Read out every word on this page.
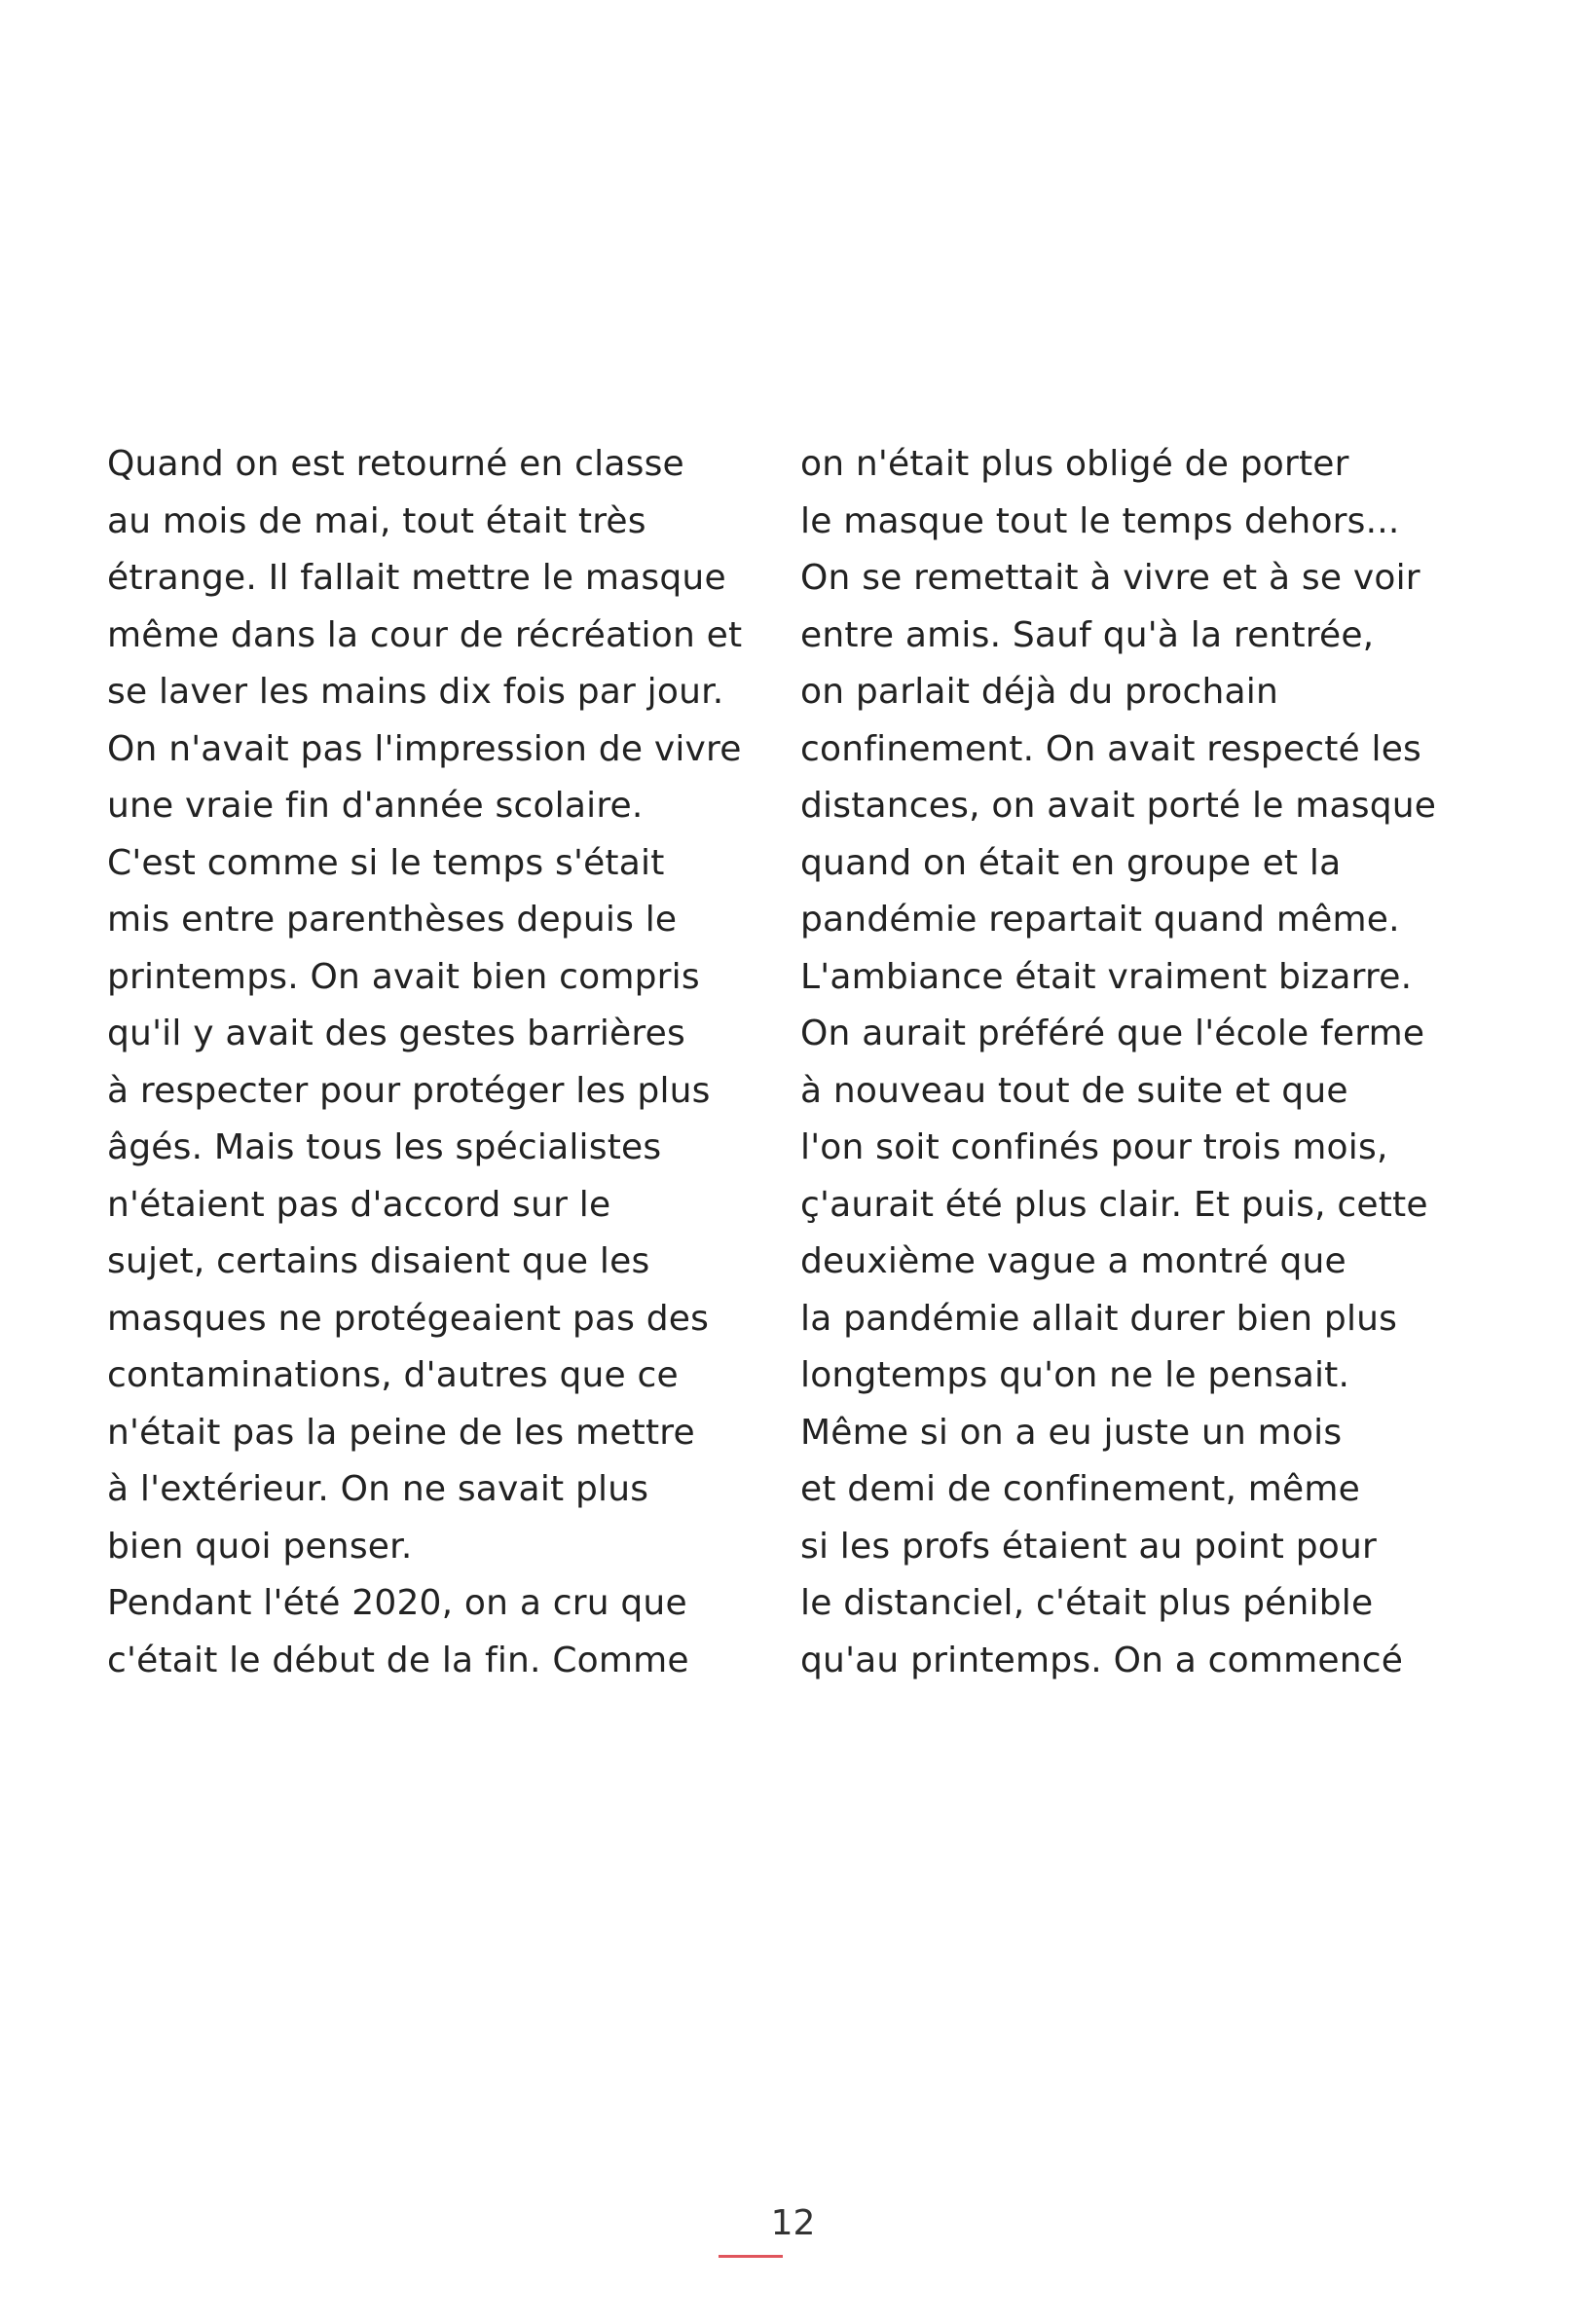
Quand on est retourné en classe
au mois de mai, tout était très
étrange. Il fallait mettre le masque
même dans la cour de récréation et
se laver les mains dix fois par jour.
On n'avait pas l'impression de vivre
une vraie fin d'année scolaire.
C'est comme si le temps s'était
mis entre parenthèses depuis le
printemps. On avait bien compris
qu'il y avait des gestes barrières
à respecter pour protéger les plus
âgés. Mais tous les spécialistes
n'étaient pas d'accord sur le
sujet, certains disaient que les
masques ne protégeaient pas des
contaminations, d'autres que ce
n'était pas la peine de les mettre
à l'extérieur. On ne savait plus
bien quoi penser.
Pendant l'été 2020, on a cru que
c'était le début de la fin. Comme
on n'était plus obligé de porter
le masque tout le temps dehors...
On se remettait à vivre et à se voir
entre amis. Sauf qu'à la rentrée,
on parlait déjà du prochain
confinement. On avait respecté les
distances, on avait porté le masque
quand on était en groupe et la
pandémie repartait quand même.
L'ambiance était vraiment bizarre.
On aurait préféré que l'école ferme
à nouveau tout de suite et que
l'on soit confinés pour trois mois,
ç'aurait été plus clair. Et puis, cette
deuxième vague a montré que
la pandémie allait durer bien plus
longtemps qu'on ne le pensait.
Même si on a eu juste un mois
et demi de confinement, même
si les profs étaient au point pour
le distanciel, c'était plus pénible
qu'au printemps. On a commencé
12
